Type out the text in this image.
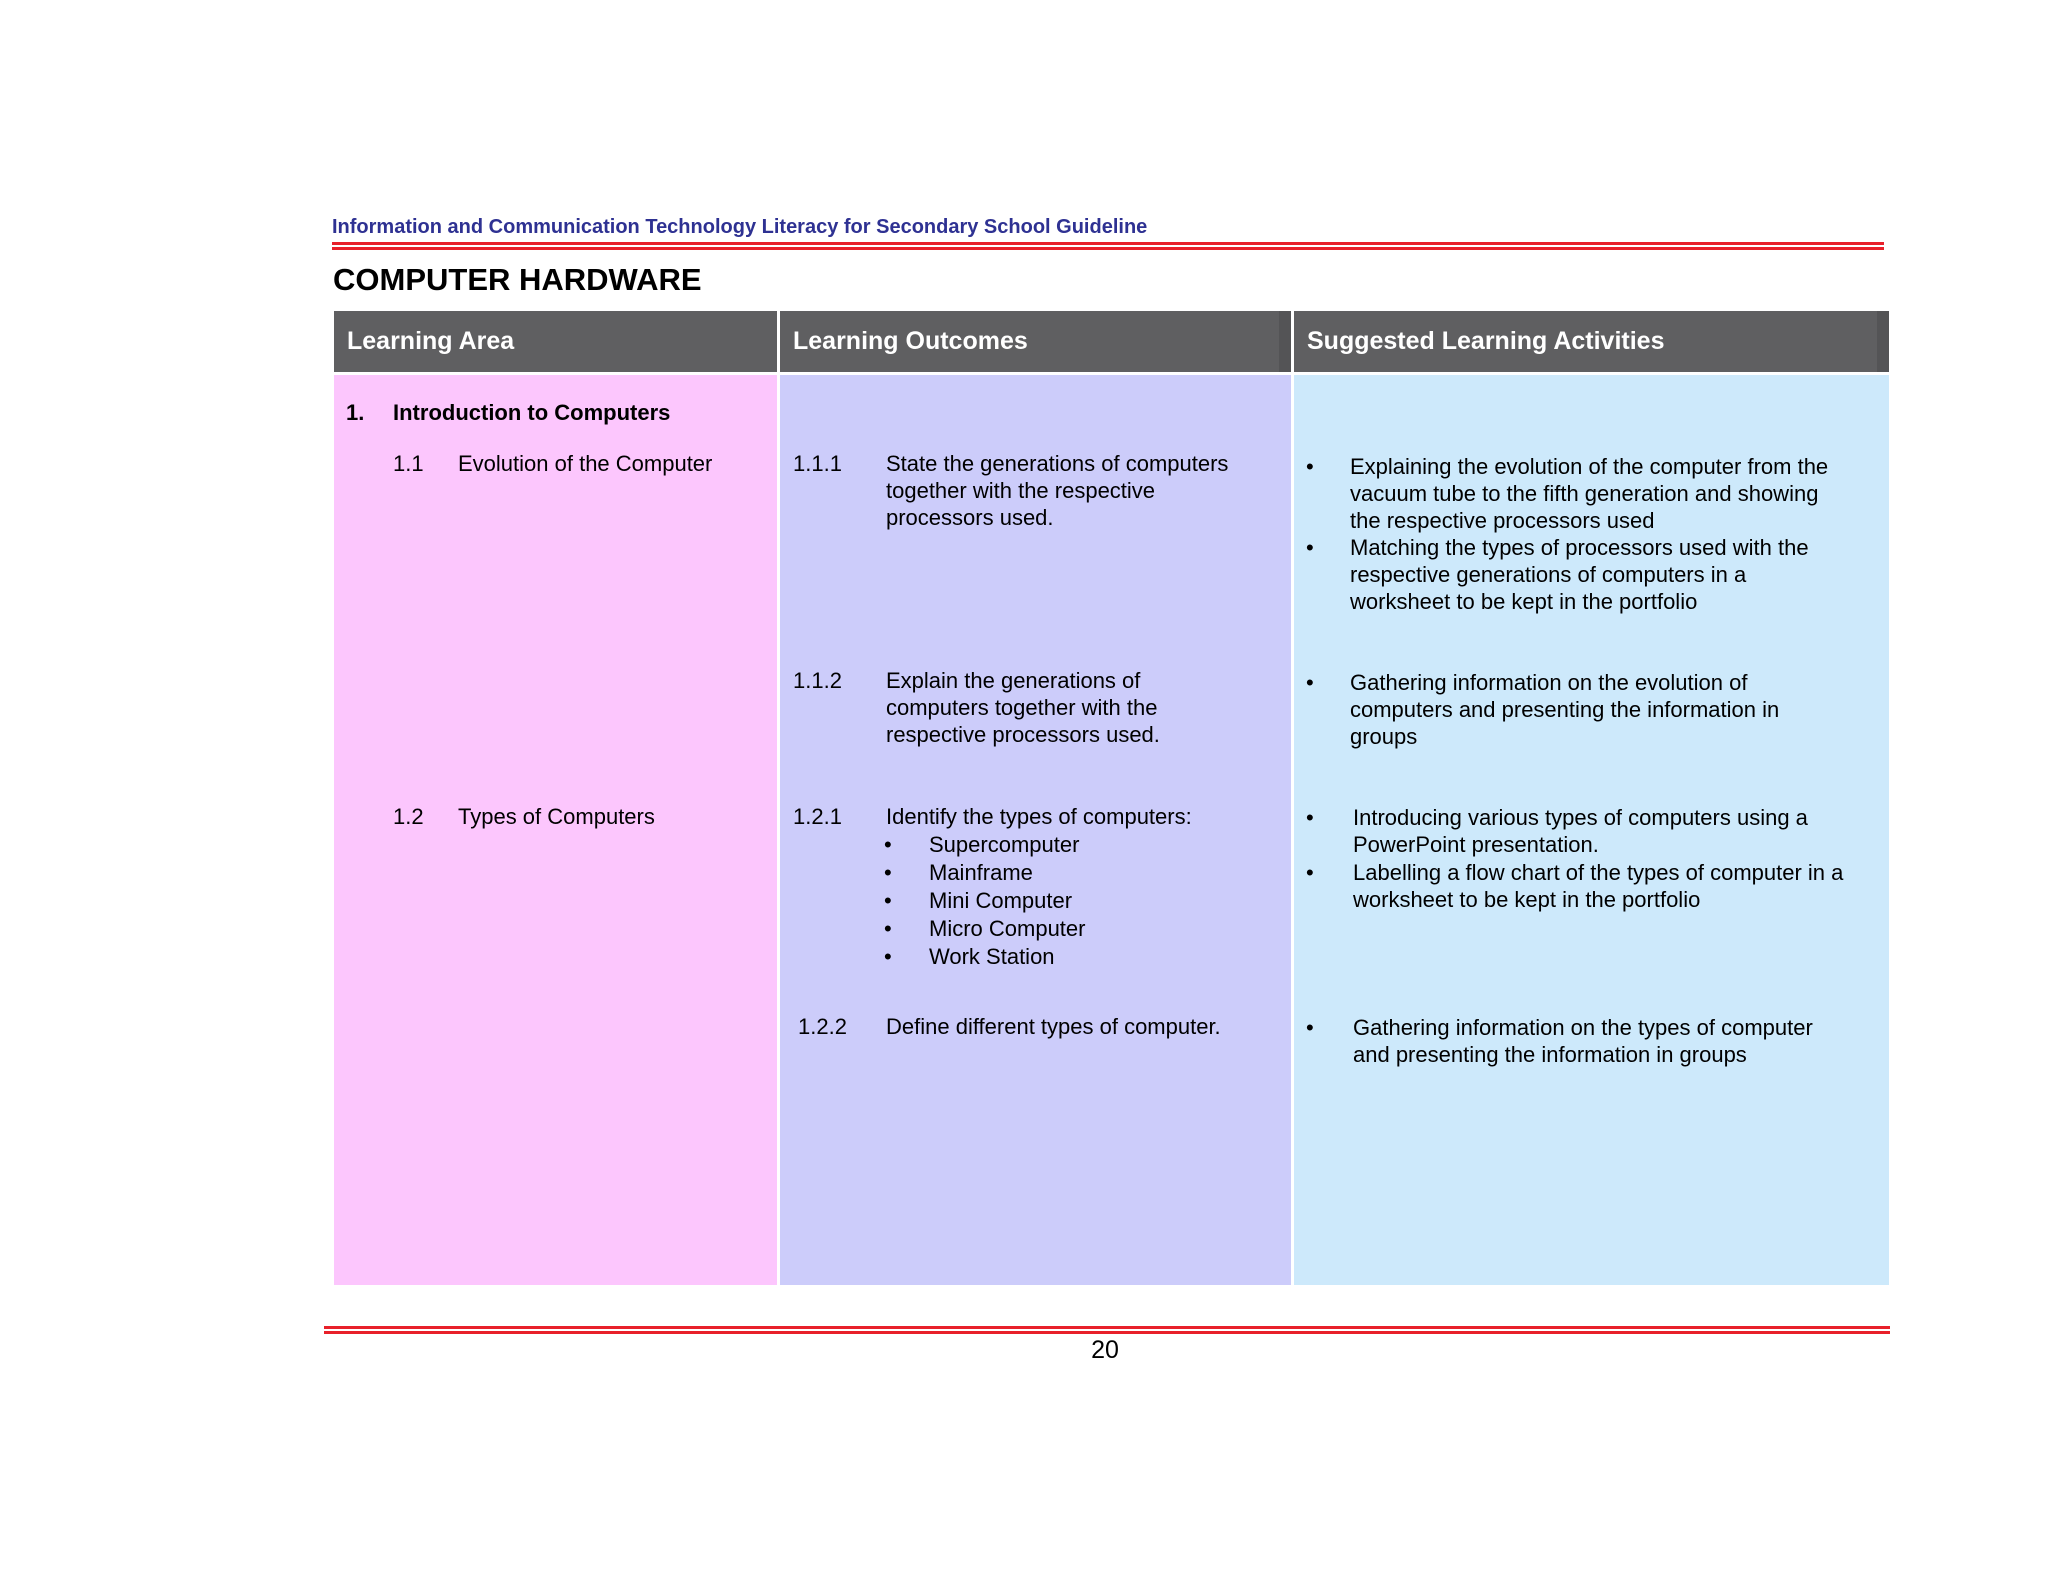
Information and Communication Technology Literacy for Secondary School Guideline
COMPUTER HARDWARE
Learning Area	Learning Outcomes	Suggested Learning Activities
1. Introduction to Computers
1.1 Evolution of the Computer
1.2 Types of Computers
1.1.1 State the generations of computers
together with the respective
processors used.
1.1.2 Explain the generations of
computers together with the
respective processors used.
1.2.1 Identify the types of computers:
•
Supercomputer
•
Mainframe
•
Mini Computer
•
Micro Computer
•
Work Station
1.2.2 Define different types of computer.
•
Explaining the evolution of the computer from the
vacuum tube to the fifth generation and showing
the respective processors used
•
Matching the types of processors used with the
respective generations of computers in a
worksheet to be kept in the portfolio
•
Gathering information on the evolution of
computers and presenting the information in
groups
•
Introducing various types of computers using a
PowerPoint presentation.
•
Labelling a flow chart of the types of computer in a
worksheet to be kept in the portfolio
•
Gathering information on the types of computer
and presenting the information in groups
20
